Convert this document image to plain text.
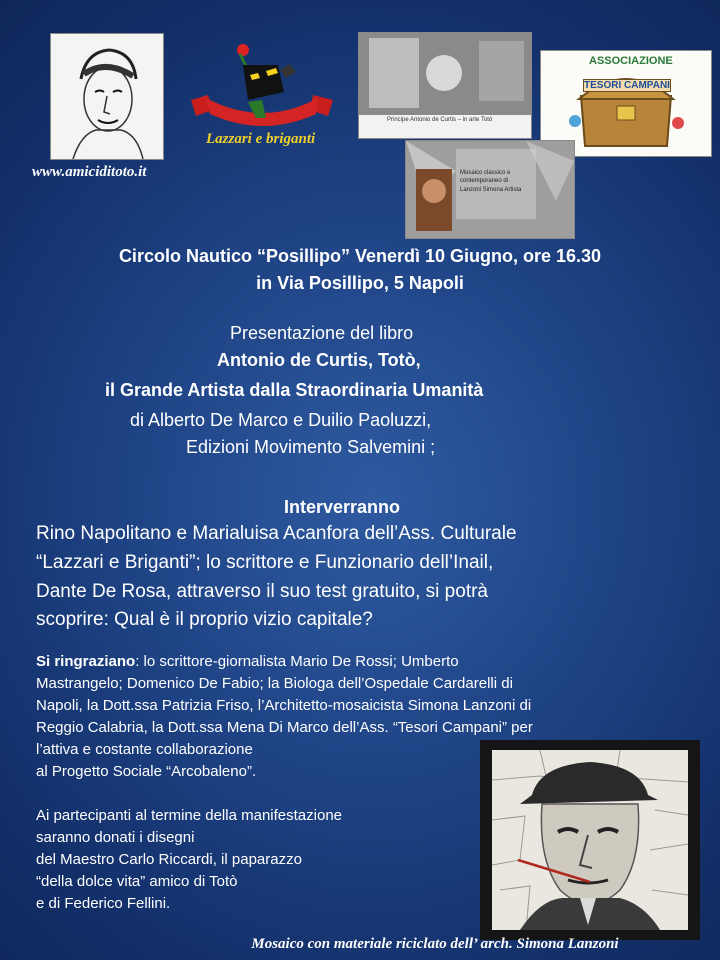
Lazzari e briganti
www.amiciditoto.it
Principe Antonio de Curtis – in arte Totò
ASSOCIAZIONE
TESORI CAMPANI
Mosaico classico e contemporaneo di Lanzoni Simona Artista
Circolo Nautico “Posillipo” Venerdì 10 Giugno, ore 16.30
in Via Posillipo, 5 Napoli
Presentazione del libro
Antonio de Curtis, Totò,
il Grande Artista dalla Straordinaria Umanità
di Alberto De Marco e Duilio Paoluzzi,
Edizioni Movimento Salvemini ;
Interverranno
Rino Napolitano e Marialuisa Acanfora dell’Ass. Culturale
“Lazzari e Briganti”; lo scrittore e Funzionario dell’Inail,
Dante De Rosa, attraverso il suo test gratuito, si potrà
scoprire: Qual è il proprio vizio capitale?
Si ringraziano: lo scrittore-giornalista Mario De Rossi; Umberto
Mastrangelo; Domenico De Fabio; la Biologa dell’Ospedale Cardarelli di
Napoli, la Dott.ssa Patrizia Friso, l’Architetto-mosaicista Simona Lanzoni di
Reggio Calabria, la Dott.ssa Mena Di Marco dell’Ass. “Tesori Campani” per
l’attiva e costante collaborazione
al Progetto Sociale “Arcobaleno”.
Ai partecipanti al termine della manifestazione
saranno donati i disegni
del Maestro Carlo Riccardi, il paparazzo
“della dolce vita” amico di Totò
e di Federico Fellini.
Mosaico con materiale riciclato dell’ arch. Simona Lanzoni
